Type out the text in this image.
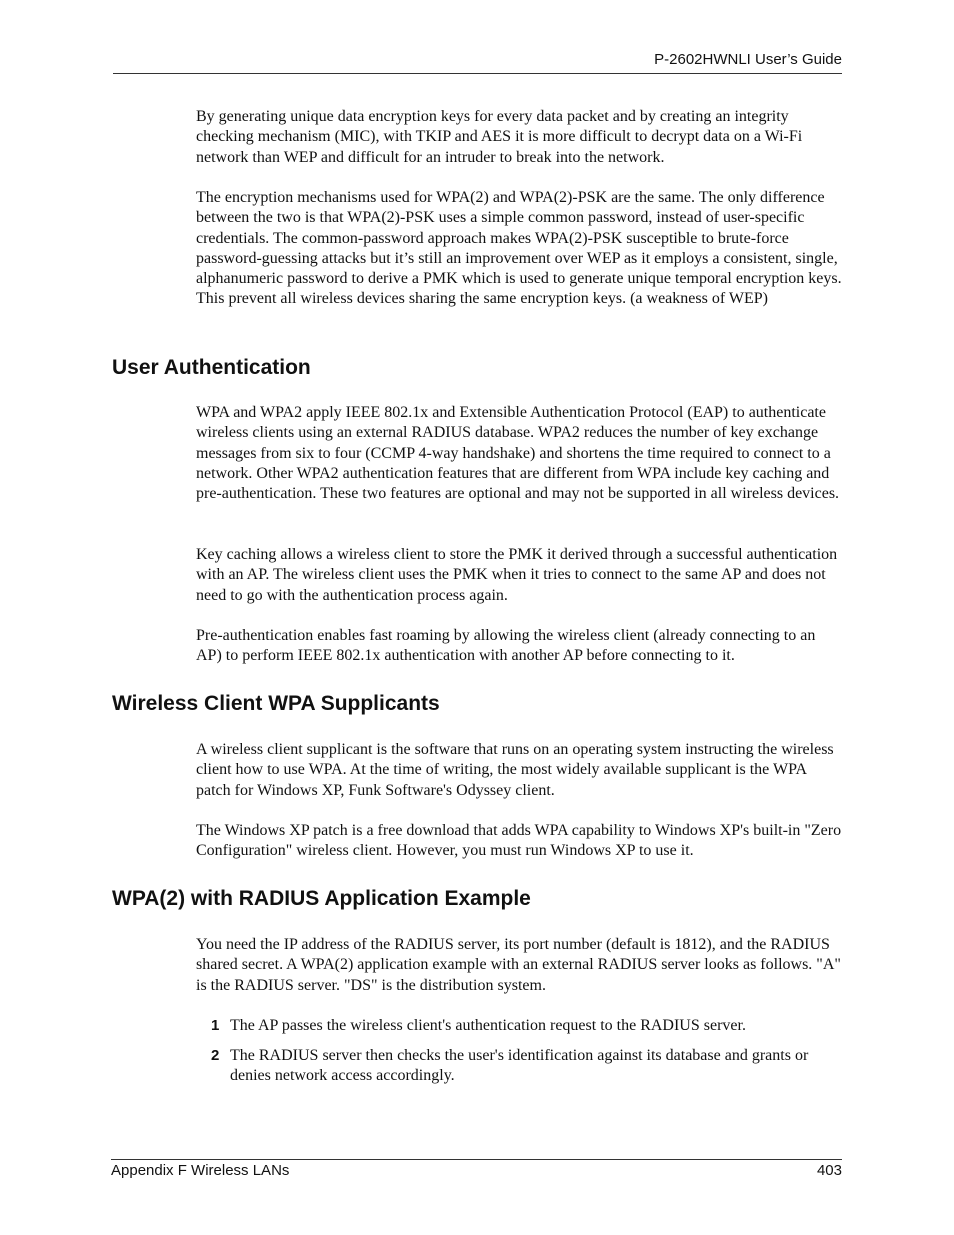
P-2602HWNLI User’s Guide

By generating unique data encryption keys for every data packet and by creating an integrity checking mechanism (MIC), with TKIP and AES it is more difficult to decrypt data on a Wi-Fi network than WEP and difficult for an intruder to break into the network.

The encryption mechanisms used for WPA(2) and WPA(2)-PSK are the same. The only difference between the two is that WPA(2)-PSK uses a simple common password, instead of user-specific credentials. The common-password approach makes WPA(2)-PSK susceptible to brute-force password-guessing attacks but it’s still an improvement over WEP as it employs a consistent, single, alphanumeric password to derive a PMK which is used to generate unique temporal encryption keys. This prevent all wireless devices sharing the same encryption keys. (a weakness of WEP)

User Authentication

WPA and WPA2 apply IEEE 802.1x and Extensible Authentication Protocol (EAP) to authenticate wireless clients using an external RADIUS database. WPA2 reduces the number of key exchange messages from six to four (CCMP 4-way handshake) and shortens the time required to connect to a network. Other WPA2 authentication features that are different from WPA include key caching and pre-authentication. These two features are optional and may not be supported in all wireless devices.

Key caching allows a wireless client to store the PMK it derived through a successful authentication with an AP. The wireless client uses the PMK when it tries to connect to the same AP and does not need to go with the authentication process again.

Pre-authentication enables fast roaming by allowing the wireless client (already connecting to an AP) to perform IEEE 802.1x authentication with another AP before connecting to it.

Wireless Client WPA Supplicants

A wireless client supplicant is the software that runs on an operating system instructing the wireless client how to use WPA. At the time of writing, the most widely available supplicant is the WPA patch for Windows XP, Funk Software's Odyssey client.

The Windows XP patch is a free download that adds WPA capability to Windows XP's built-in "Zero Configuration" wireless client. However, you must run Windows XP to use it.

WPA(2) with RADIUS Application Example

You need the IP address of the RADIUS server, its port number (default is 1812), and the RADIUS shared secret. A WPA(2) application example with an external RADIUS server looks as follows. "A" is the RADIUS server. "DS" is the distribution system.

1 The AP passes the wireless client's authentication request to the RADIUS server.

2 The RADIUS server then checks the user's identification against its database and grants or denies network access accordingly.

Appendix F Wireless LANs	403
